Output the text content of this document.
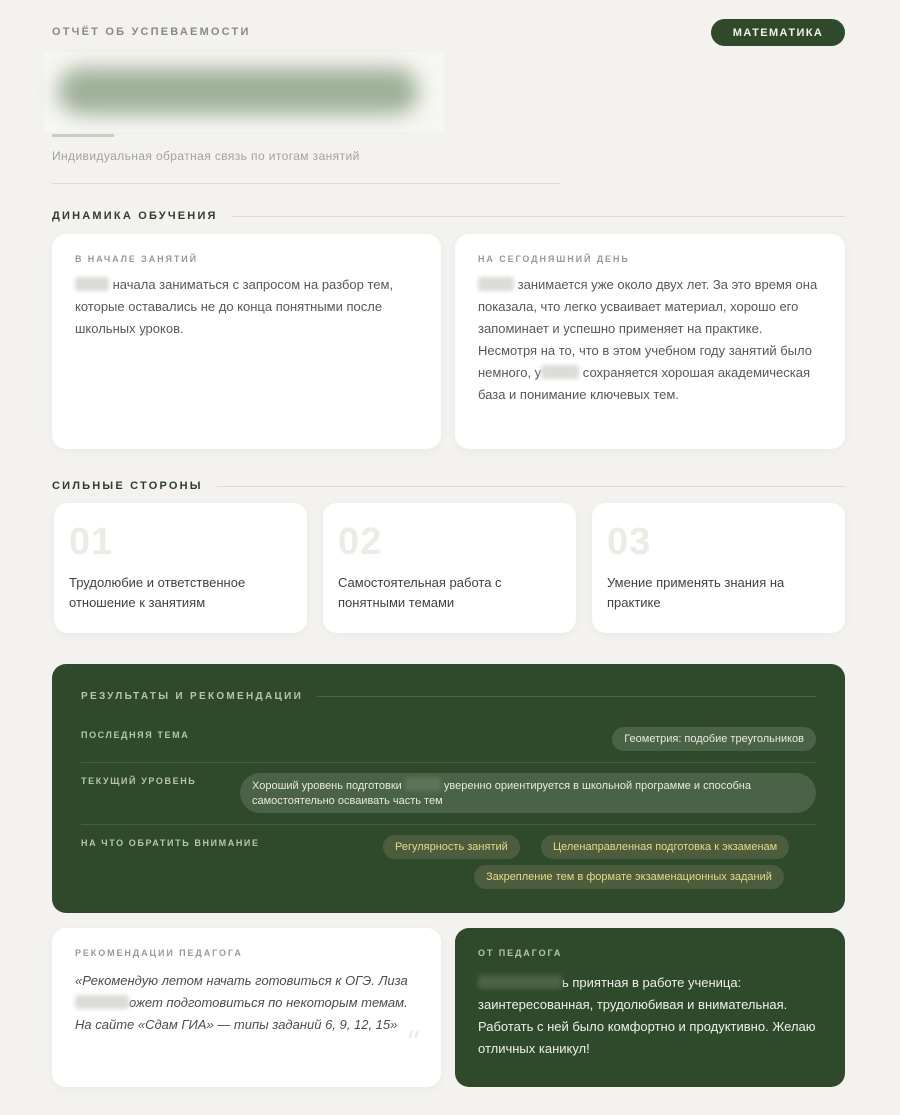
ОТЧЁТ ОБ УСПЕВАЕМОСТИ	МАТЕМАТИКА
Индивидуальная обратная связь по итогам занятий
ДИНАМИКА ОБУЧЕНИЯ
В НАЧАЛЕ ЗАНЯТИЙ
начала заниматься с запросом на разбор тем, которые оставались не до конца понятными после школьных уроков.
НА СЕГОДНЯШНИЙ ДЕНЬ
занимается уже около двух лет. За это время она показала, что легко усваивает материал, хорошо его запоминает и успешно применяет на практике. Несмотря на то, что в этом учебном году занятий было немного, у	сохраняется хорошая академическая база и понимание ключевых тем.
СИЛЬНЫЕ СТОРОНЫ
01
Трудолюбие и ответственное отношение к занятиям
02
Самостоятельная работа с понятными темами
03
Умение применять знания на практике
РЕЗУЛЬТАТЫ И РЕКОМЕНДАЦИИ
ПОСЛЕДНЯЯ ТЕМА	Геометрия: подобие треугольников
ТЕКУЩИЙ УРОВЕНЬ	Хороший уровень подготовки	уверенно ориентируется в школьной программе и способна самостоятельно осваивать часть тем
НА ЧТО ОБРАТИТЬ ВНИМАНИЕ	Регулярность занятий	Целенаправленная подготовка к экзаменам
Закрепление тем в формате экзаменационных заданий
РЕКОМЕНДАЦИИ ПЕДАГОГА
«Рекомендую летом начать готовиться к ОГЭ. Лиза
ожет подготовиться по некоторым темам.
На сайте «Сдам ГИА» — типы заданий 6, 9, 12, 15»
“
ОТ ПЕДАГОГА
ь приятная в работе ученица: заинтересованная, трудолюбивая и внимательная. Работать с ней было комфортно и продуктивно. Желаю отличных каникул!
